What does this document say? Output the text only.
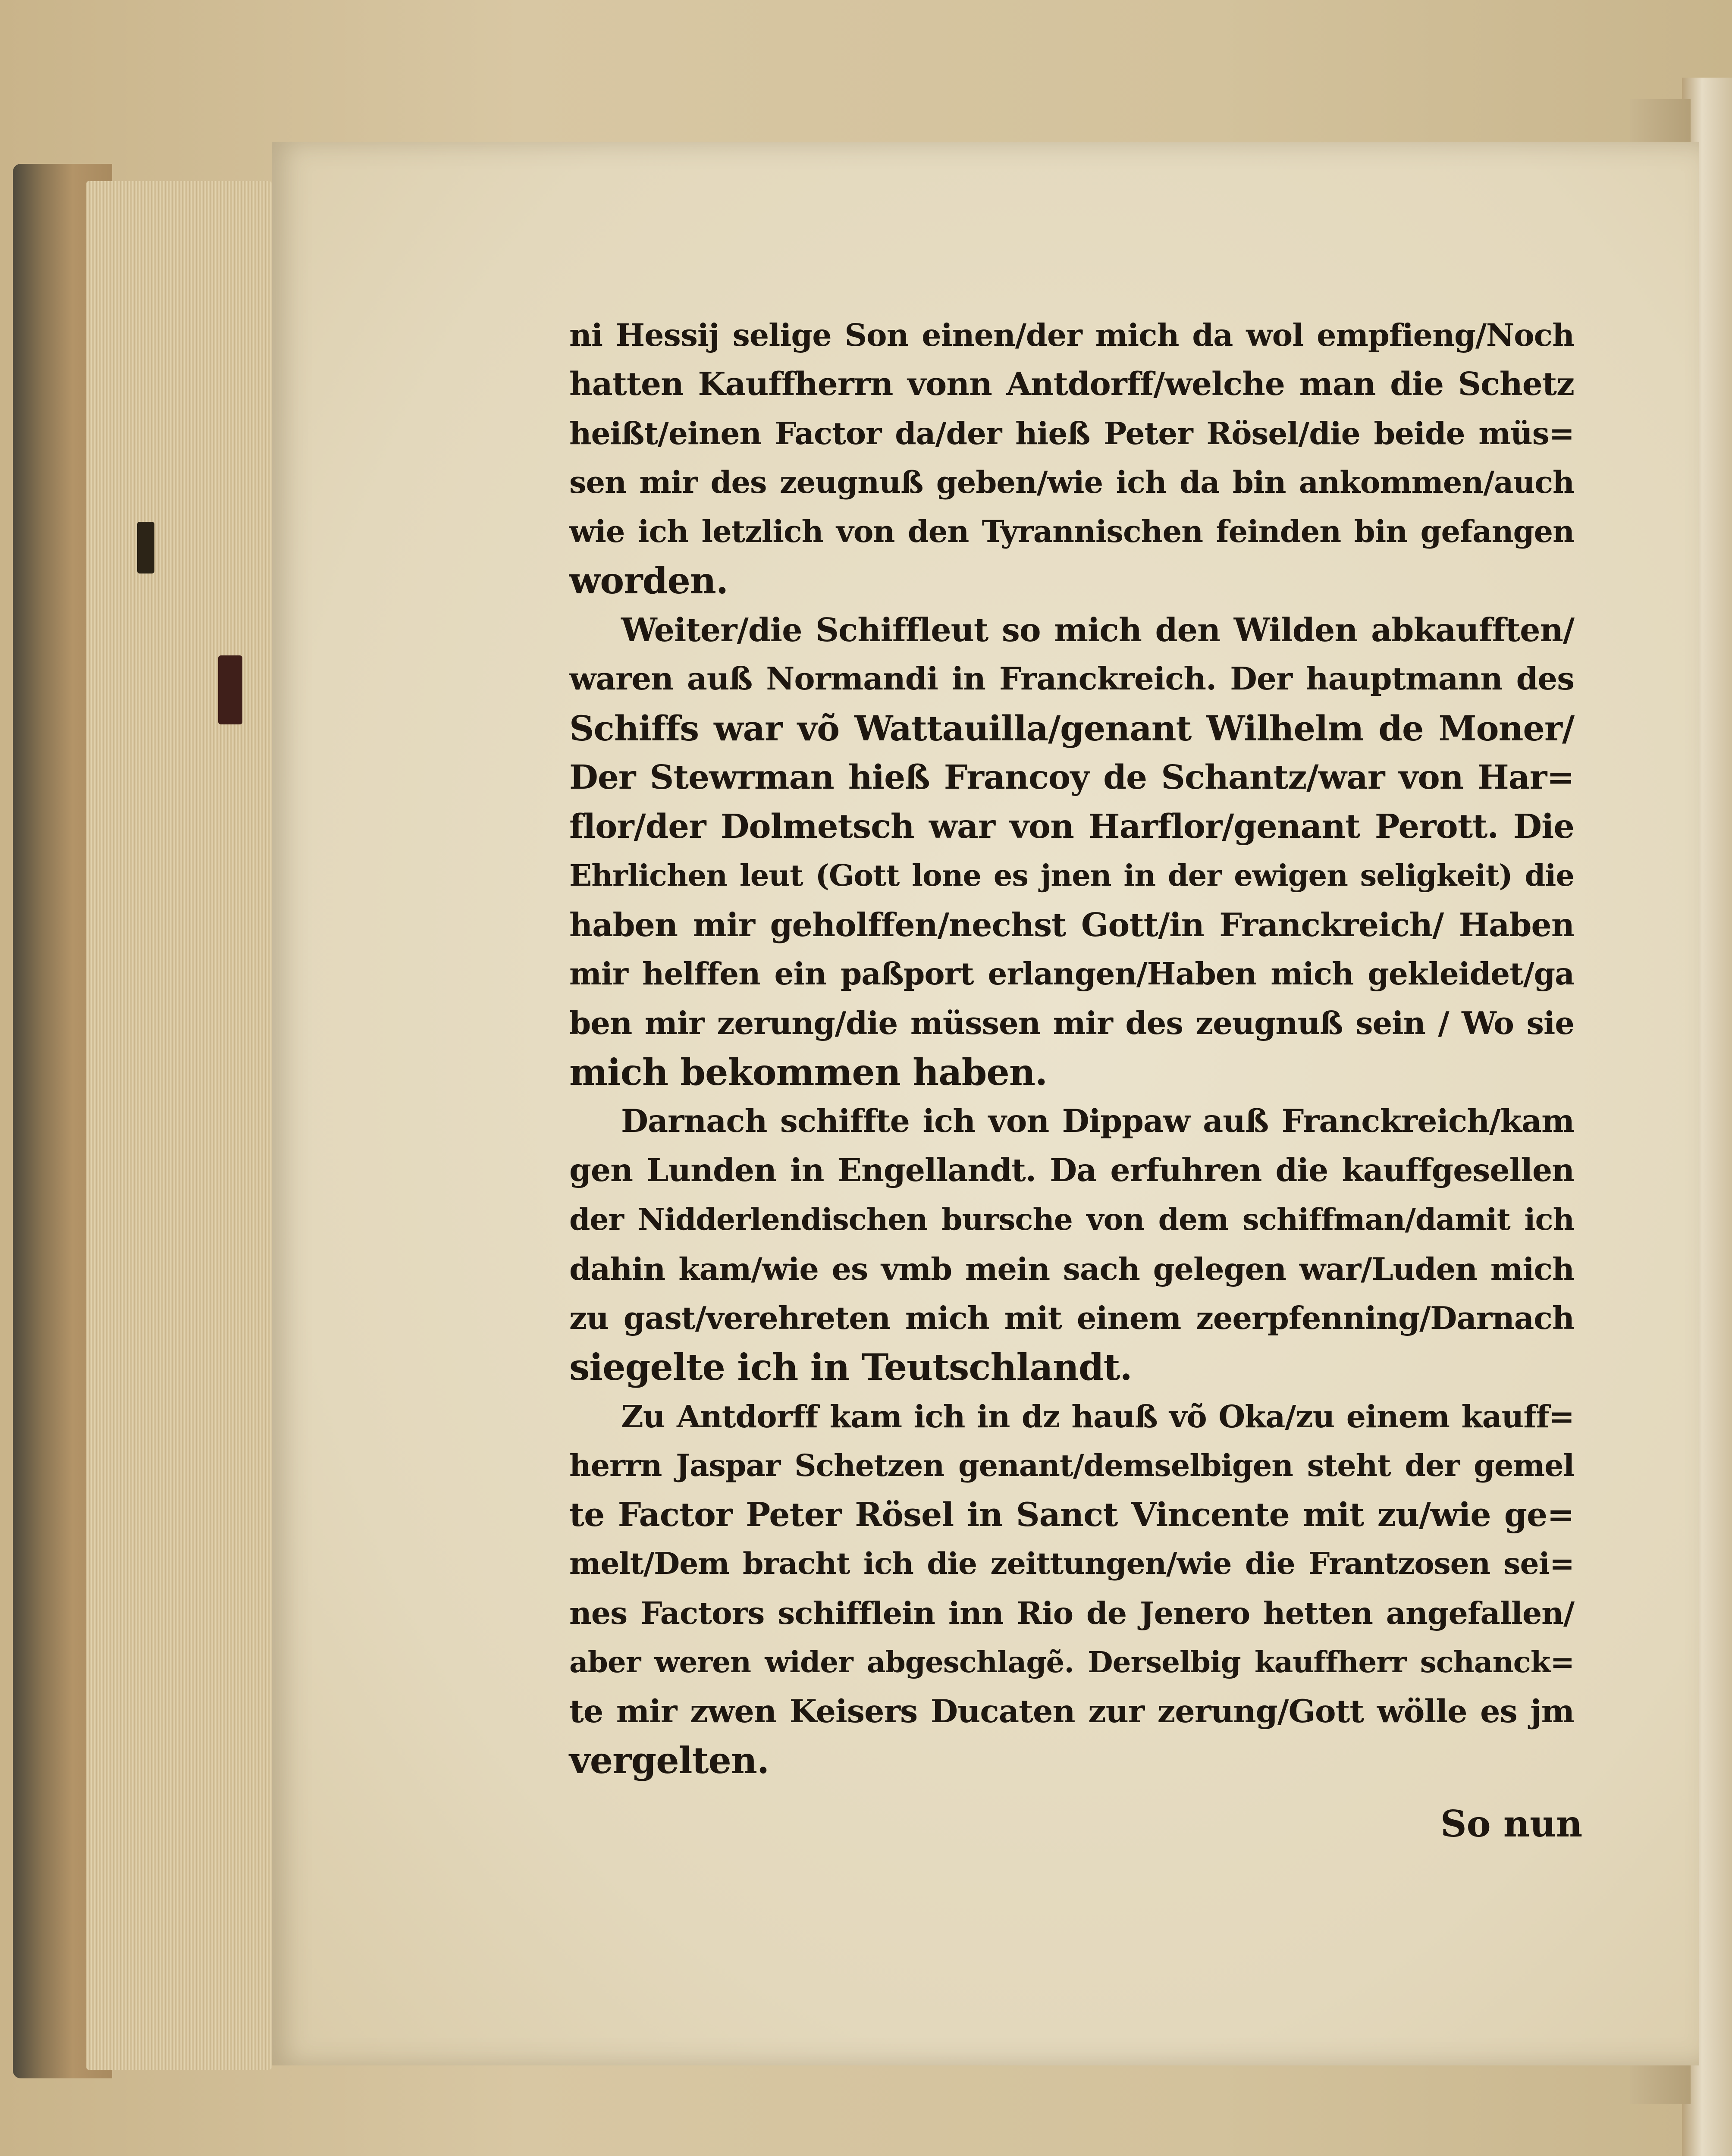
ni Hessij selige Son einen/der mich da wol empfieng/Noch
hatten Kauffherrn vonn Antdorff/welche man die Schetz
heißt/einen Factor da/der hieß Peter Rösel/die beide müs=
sen mir des zeugnuß geben/wie ich da bin ankommen/auch
wie ich letzlich von den Tyrannischen feinden bin gefangen
worden.
Weiter/die Schiffleut so mich den Wilden abkaufften/
waren auß Normandi in Franckreich. Der hauptmann des
Schiffs war võ Wattauilla/genant Wilhelm de Moner/
Der Stewrman hieß Francoy de Schantz/war von Har=
flor/der Dolmetsch war von Harflor/genant Perott. Die
Ehrlichen leut (Gott lone es jnen in der ewigen seligkeit) die
haben mir geholffen/nechst Gott/in Franckreich/ Haben
mir helffen ein paßport erlangen/Haben mich gekleidet/ga
ben mir zerung/die müssen mir des zeugnuß sein / Wo sie
mich bekommen haben.
Darnach schiffte ich von Dippaw auß Franckreich/kam
gen Lunden in Engellandt. Da erfuhren die kauffgesellen
der Nidderlendischen bursche von dem schiffman/damit ich
dahin kam/wie es vmb mein sach gelegen war/Luden mich
zu gast/verehreten mich mit einem zeerpfenning/Darnach
siegelte ich in Teutschlandt.
Zu Antdorff kam ich in dz hauß võ Oka/zu einem kauff=
herrn Jaspar Schetzen genant/demselbigen steht der gemel
te Factor Peter Rösel in Sanct Vincente mit zu/wie ge=
melt/Dem bracht ich die zeittungen/wie die Frantzosen sei=
nes Factors schifflein inn Rio de Jenero hetten angefallen/
aber weren wider abgeschlagẽ. Derselbig kauffherr schanck=
te mir zwen Keisers Ducaten zur zerung/Gott wölle es jm
vergelten.
So nun
